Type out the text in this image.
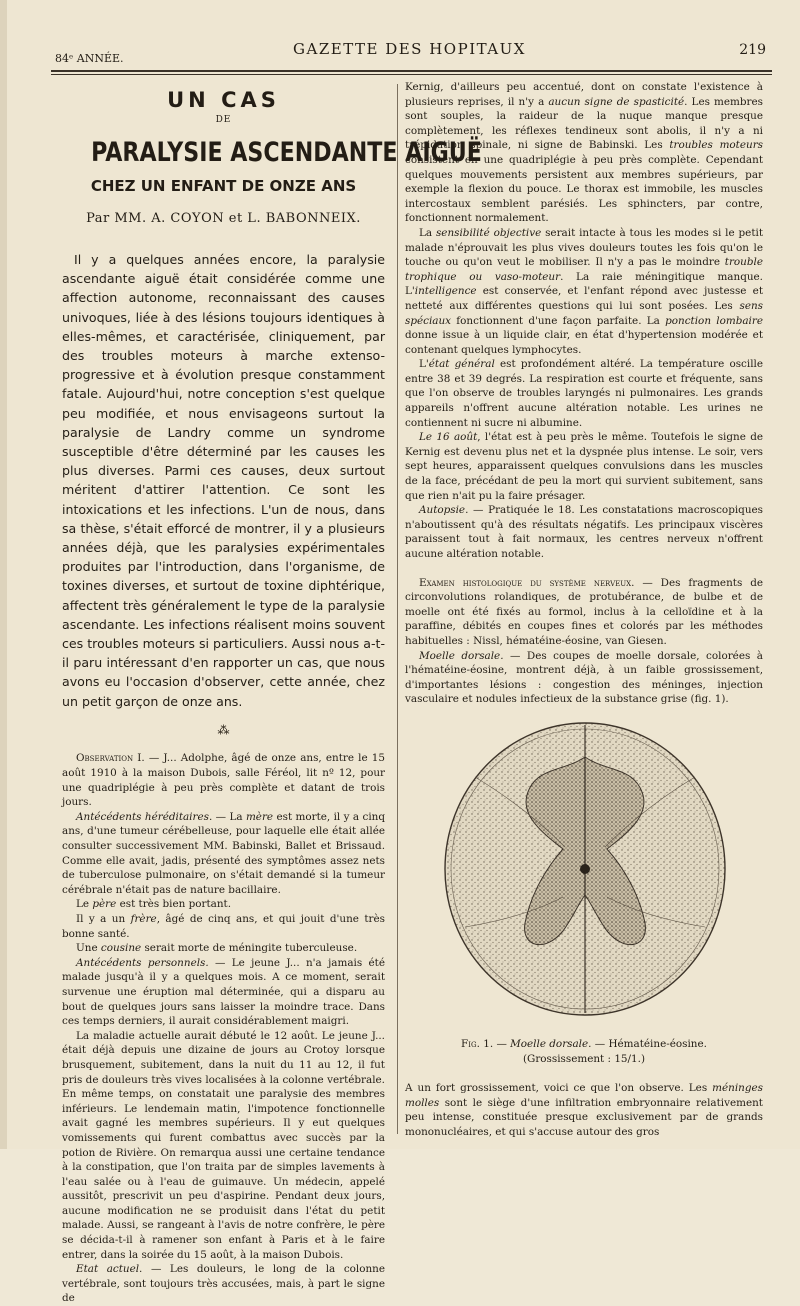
84ᵉ ANNÉE.
GAZETTE DES HOPITAUX	219
UN CAS
DE
PARALYSIE ASCENDANTE AIGUË
CHEZ UN ENFANT DE ONZE ANS
Par MM. A. COYON et L. BABONNEIX.

Il y a quelques années encore, la paralysie ascendante aiguë était considérée comme une affection autonome, reconnaissant des causes univoques, liée à des lésions toujours identiques à elles-mêmes, et caractérisée, cliniquement, par des troubles moteurs à marche extenso-progressive et à évolution presque constamment fatale. Aujourd'hui, notre conception s'est quelque peu modifiée, et nous envisageons surtout la paralysie de Landry comme un syndrome susceptible d'être déterminé par les causes les plus diverses. Parmi ces causes, deux surtout méritent d'attirer l'attention. Ce sont les intoxications et les infections. L'un de nous, dans sa thèse, s'était efforcé de montrer, il y a plusieurs années déjà, que les paralysies expérimentales produites par l'introduction, dans l'organisme, de toxines diverses, et surtout de toxine diphtérique, affectent très généralement le type de la paralysie ascendante. Les infections réalisent moins souvent ces troubles moteurs si particuliers. Aussi nous a-t-il paru intéressant d'en rapporter un cas, que nous avons eu l'occasion d'observer, cette année, chez un petit garçon de onze ans.

⁂

Observation I. — J... Adolphe, âgé de onze ans, entre le 15 août 1910 à la maison Dubois, salle Féréol, lit nº 12, pour une quadriplégie à peu près complète et datant de trois jours.

Antécédents héréditaires. — La mère est morte, il y a cinq ans, d'une tumeur cérébelleuse, pour laquelle elle était allée consulter successivement MM. Babinski, Ballet et Brissaud. Comme elle avait, jadis, présenté des symptômes assez nets de tuberculose pulmonaire, on s'était demandé si la tumeur cérébrale n'était pas de nature bacillaire.

Le père est très bien portant.

Il y a un frère, âgé de cinq ans, et qui jouit d'une très bonne santé.

Une cousine serait morte de méningite tuberculeuse.

Antécédents personnels. — Le jeune J... n'a jamais été malade jusqu'à il y a quelques mois. A ce moment, serait survenue une éruption mal déterminée, qui a disparu au bout de quelques jours sans laisser la moindre trace. Dans ces temps derniers, il aurait considérablement maigri.

La maladie actuelle aurait débuté le 12 août. Le jeune J... était déjà depuis une dizaine de jours au Crotoy lorsque brusquement, subitement, dans la nuit du 11 au 12, il fut pris de douleurs très vives localisées à la colonne vertébrale. En même temps, on constatait une paralysie des membres inférieurs. Le lendemain matin, l'impotence fonctionnelle avait gagné les membres supérieurs. Il y eut quelques vomissements qui furent combattus avec succès par la potion de Rivière. On remarqua aussi une certaine tendance à la constipation, que l'on traita par de simples lavements à l'eau salée ou à l'eau de guimauve. Un médecin, appelé aussitôt, prescrivit un peu d'aspirine. Pendant deux jours, aucune modification ne se produisit dans l'état du petit malade. Aussi, se rangeant à l'avis de notre confrère, le père se décida-t-il à ramener son enfant à Paris et à le faire entrer, dans la soirée du 15 août, à la maison Dubois.

Etat actuel. — Les douleurs, le long de la colonne vertébrale, sont toujours très accusées, mais, à part le signe de

Kernig, d'ailleurs peu accentué, dont on constate l'existence à plusieurs reprises, il n'y a aucun signe de spasticité. Les membres sont souples, la raideur de la nuque manque presque complètement, les réflexes tendineux sont abolis, il n'y a ni trépidation spinale, ni signe de Babinski. Les troubles moteurs consistent en une quadriplégie à peu près complète. Cependant quelques mouvements persistent aux membres supérieurs, par exemple la flexion du pouce. Le thorax est immobile, les muscles intercostaux semblent parésiés. Les sphincters, par contre, fonctionnent normalement.

La sensibilité objective serait intacte à tous les modes si le petit malade n'éprouvait les plus vives douleurs toutes les fois qu'on le touche ou qu'on veut le mobiliser. Il n'y a pas le moindre trouble trophique ou vaso-moteur. La raie méningitique manque. L'intelligence est conservée, et l'enfant répond avec justesse et netteté aux différentes questions qui lui sont posées. Les sens spéciaux fonctionnent d'une façon parfaite. La ponction lombaire donne issue à un liquide clair, en état d'hypertension modérée et contenant quelques lymphocytes.

L'état général est profondément altéré. La température oscille entre 38 et 39 degrés. La respiration est courte et fréquente, sans que l'on observe de troubles laryngés ni pulmonaires. Les grands appareils n'offrent aucune altération notable. Les urines ne contiennent ni sucre ni albumine.

Le 16 août, l'état est à peu près le même. Toutefois le signe de Kernig est devenu plus net et la dyspnée plus intense. Le soir, vers sept heures, apparaissent quelques convulsions dans les muscles de la face, précédant de peu la mort qui survient subitement, sans que rien n'ait pu la faire présager.

Autopsie. — Pratiquée le 18. Les constatations macroscopiques n'aboutissent qu'à des résultats négatifs. Les principaux viscères paraissent tout à fait normaux, les centres nerveux n'offrent aucune altération notable.

Examen histologique du système nerveux. — Des fragments de circonvolutions rolandiques, de protubérance, de bulbe et de moelle ont été fixés au formol, inclus à la celloïdine et à la paraffine, débités en coupes fines et colorés par les méthodes habituelles : Nissl, hématéine-éosine, van Giesen.

Moelle dorsale. — Des coupes de moelle dorsale, colorées à l'hématéine-éosine, montrent déjà, à un faible grossissement, d'importantes lésions : congestion des méninges, injection vasculaire et nodules infectieux de la substance grise (fig. 1).

Fig. 1. — Moelle dorsale. — Hématéine-éosine.
(Grossissement : 15/1.)

A un fort grossissement, voici ce que l'on observe. Les méninges molles sont le siège d'une infiltration embryonnaire relativement peu intense, constituée presque exclusivement par de grands mononucléaires, et qui s'accuse autour des gros
